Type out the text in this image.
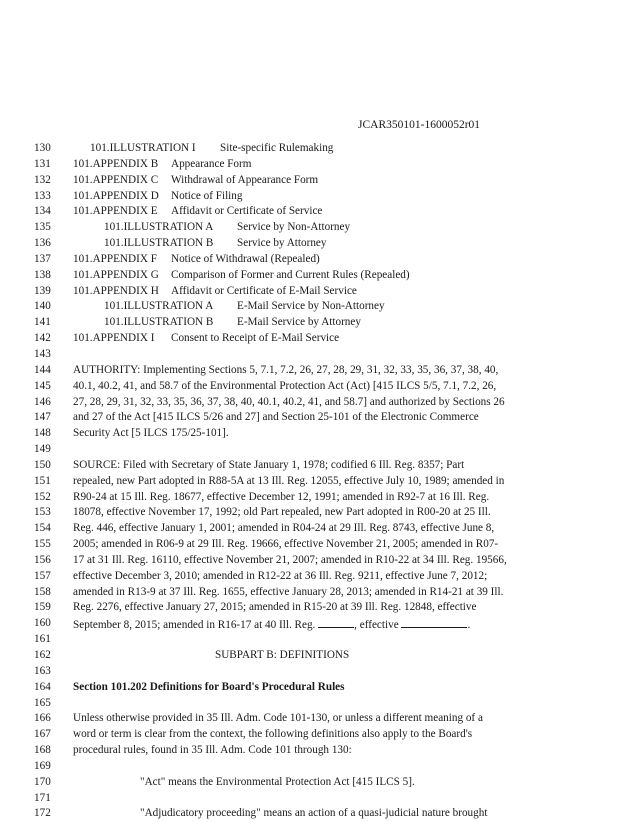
JCAR350101-1600052r01
130	101.ILLUSTRATION I Site-specific Rulemaking
131	101.APPENDIX B Appearance Form
132	101.APPENDIX C Withdrawal of Appearance Form
133	101.APPENDIX D Notice of Filing
134	101.APPENDIX E Affidavit or Certificate of Service
135	101.ILLUSTRATION A Service by Non-Attorney
136	101.ILLUSTRATION B Service by Attorney
137	101.APPENDIX F Notice of Withdrawal (Repealed)
138	101.APPENDIX G Comparison of Former and Current Rules (Repealed)
139	101.APPENDIX H Affidavit or Certificate of E-Mail Service
140	101.ILLUSTRATION A E-Mail Service by Non-Attorney
141	101.ILLUSTRATION B E-Mail Service by Attorney
142	101.APPENDIX I Consent to Receipt of E-Mail Service
143
144	AUTHORITY: Implementing Sections 5, 7.1, 7.2, 26, 27, 28, 29, 31, 32, 33, 35, 36, 37, 38, 40,
145	40.1, 40.2, 41, and 58.7 of the Environmental Protection Act (Act) [415 ILCS 5/5, 7.1, 7.2, 26,
146	27, 28, 29, 31, 32, 33, 35, 36, 37, 38, 40, 40.1, 40.2, 41, and 58.7] and authorized by Sections 26
147	and 27 of the Act [415 ILCS 5/26 and 27] and Section 25-101 of the Electronic Commerce
148	Security Act [5 ILCS 175/25-101].
149
150	SOURCE: Filed with Secretary of State January 1, 1978; codified 6 Ill. Reg. 8357; Part
151	repealed, new Part adopted in R88-5A at 13 Ill. Reg. 12055, effective July 10, 1989; amended in
152	R90-24 at 15 Ill. Reg. 18677, effective December 12, 1991; amended in R92-7 at 16 Ill. Reg.
153	18078, effective November 17, 1992; old Part repealed, new Part adopted in R00-20 at 25 Ill.
154	Reg. 446, effective January 1, 2001; amended in R04-24 at 29 Ill. Reg. 8743, effective June 8,
155	2005; amended in R06-9 at 29 Ill. Reg. 19666, effective November 21, 2005; amended in R07-
156	17 at 31 Ill. Reg. 16110, effective November 21, 2007; amended in R10-22 at 34 Ill. Reg. 19566,
157	effective December 3, 2010; amended in R12-22 at 36 Ill. Reg. 9211, effective June 7, 2012;
158	amended in R13-9 at 37 Ill. Reg. 1655, effective January 28, 2013; amended in R14-21 at 39 Ill.
159	Reg. 2276, effective January 27, 2015; amended in R15-20 at 39 Ill. Reg. 12848, effective
160	September 8, 2015; amended in R16-17 at 40 Ill. Reg.	, effective	.
161
162	SUBPART B: DEFINITIONS
163
164	Section 101.202 Definitions for Board's Procedural Rules
165
166	Unless otherwise provided in 35 Ill. Adm. Code 101-130, or unless a different meaning of a
167	word or term is clear from the context, the following definitions also apply to the Board's
168	procedural rules, found in 35 Ill. Adm. Code 101 through 130:
169
170	"Act" means the Environmental Protection Act [415 ILCS 5].
171
172	"Adjudicatory proceeding" means an action of a quasi-judicial nature brought
